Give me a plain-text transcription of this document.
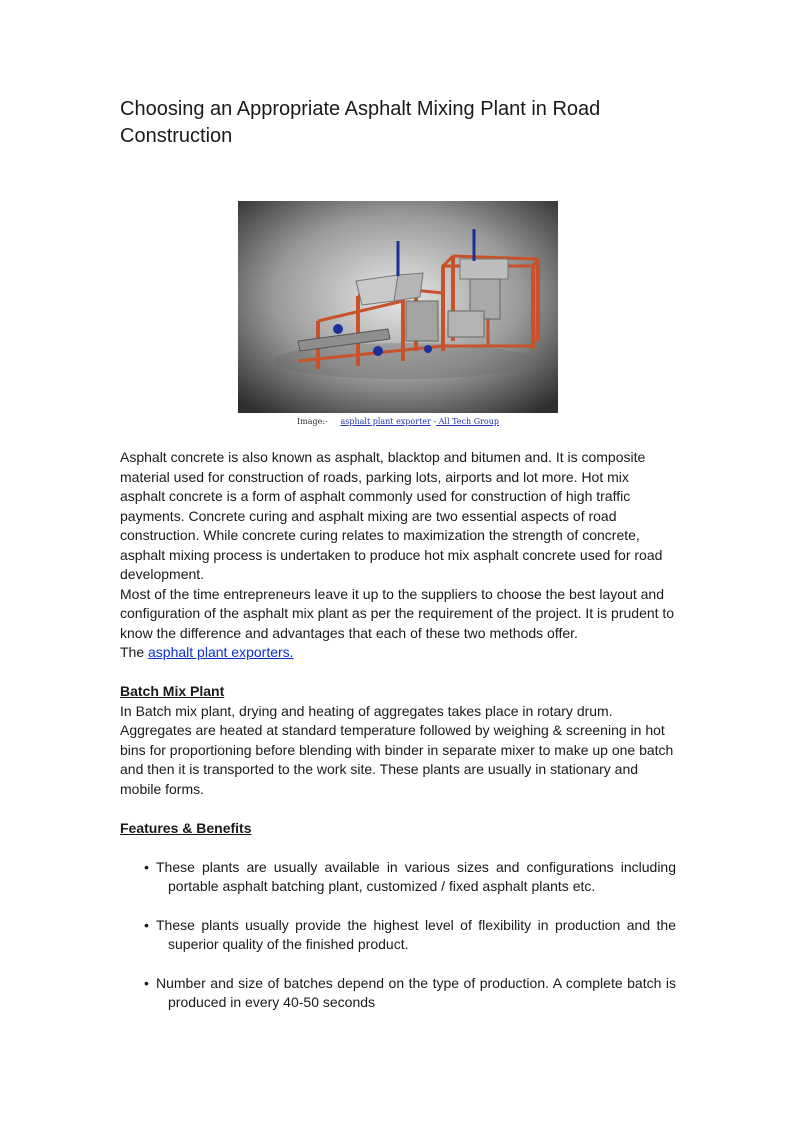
Choosing an Appropriate Asphalt Mixing Plant in Road Construction
Image:- asphalt plant exporter - All Tech Group

Asphalt concrete is also known as asphalt, blacktop and bitumen and. It is composite material used for construction of roads, parking lots, airports and lot more. Hot mix asphalt concrete is a form of asphalt commonly used for construction of high traffic payments. Concrete curing and asphalt mixing are two essential aspects of road construction. While concrete curing relates to maximization the strength of concrete, asphalt mixing process is undertaken to produce hot mix asphalt concrete used for road development.

Most of the time entrepreneurs leave it up to the suppliers to choose the best layout and configuration of the asphalt mix plant as per the requirement of the project. It is prudent to know the difference and advantages that each of these two methods offer.

The asphalt plant exporters.

Batch Mix Plant

In Batch mix plant, drying and heating of aggregates takes place in rotary drum. Aggregates are heated at standard temperature followed by weighing & screening in hot bins for proportioning before blending with binder in separate mixer to make up one batch and then it is transported to the work site. These plants are usually in stationary and mobile forms.

Features & Benefits

• These plants are usually available in various sizes and configurations including portable asphalt batching plant, customized / fixed asphalt plants etc.
• These plants usually provide the highest level of flexibility in production and the superior quality of the finished product.
• Number and size of batches depend on the type of production. A complete batch is produced in every 40-50 seconds
